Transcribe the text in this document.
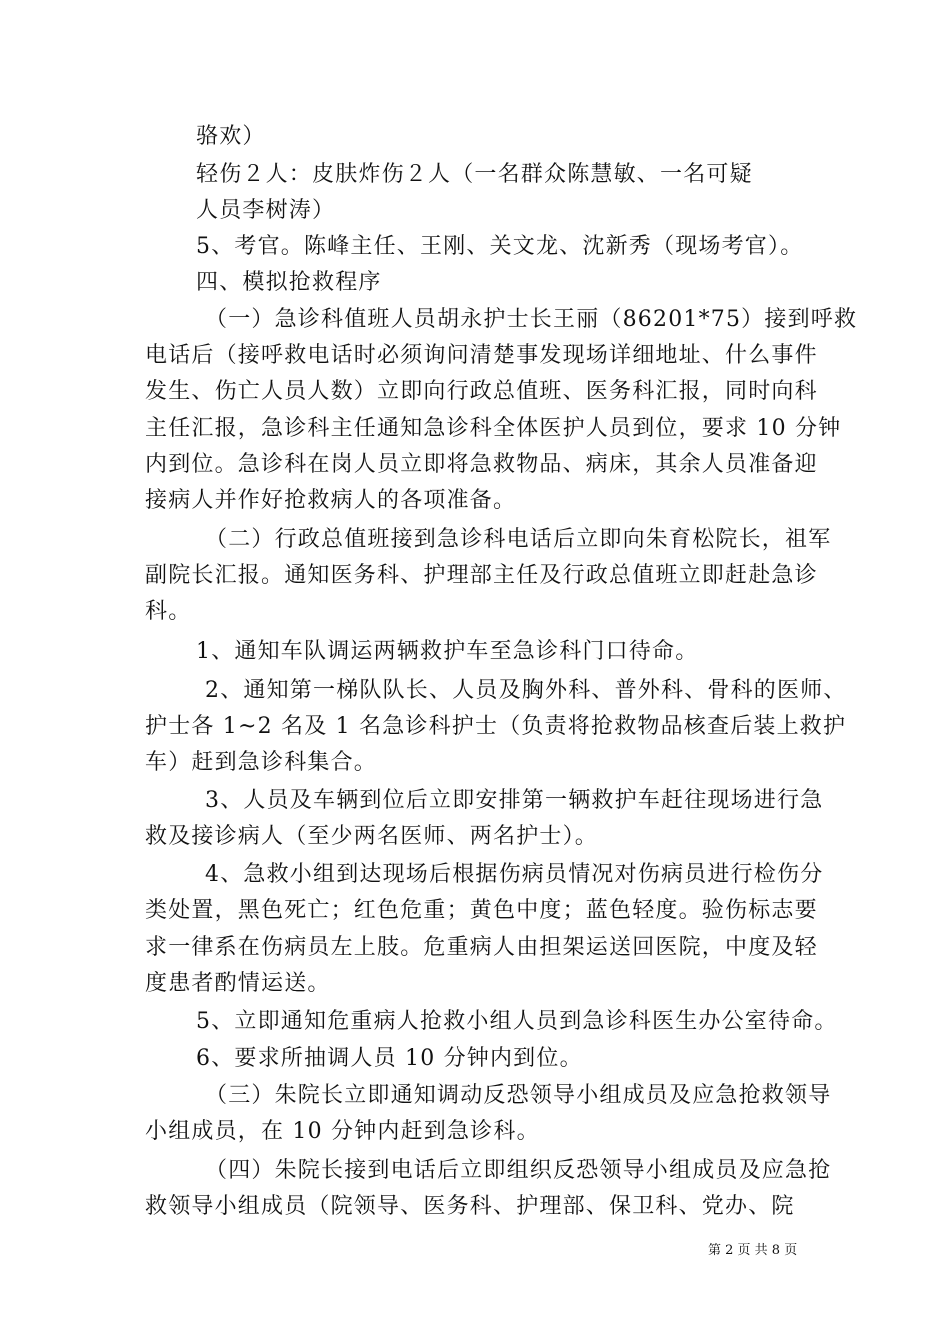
骆欢）
轻伤２人：皮肤炸伤２人（一名群众陈慧敏、一名可疑
人员李树涛）
5、考官。陈峰主任、王刚、关文龙、沈新秀（现场考官）。
四、模拟抢救程序
（一）急诊科值班人员胡永护士长王丽（86201*75）接到呼救
电话后（接呼救电话时必须询问清楚事发现场详细地址、什么事件
发生、伤亡人员人数）立即向行政总值班、医务科汇报，同时向科
主任汇报，急诊科主任通知急诊科全体医护人员到位，要求 10 分钟
内到位。急诊科在岗人员立即将急救物品、病床，其余人员准备迎
接病人并作好抢救病人的各项准备。
（二）行政总值班接到急诊科电话后立即向朱育松院长，祖军
副院长汇报。通知医务科、护理部主任及行政总值班立即赶赴急诊
科。
1、通知车队调运两辆救护车至急诊科门口待命。
2、通知第一梯队队长、人员及胸外科、普外科、骨科的医师、
护士各 1~2 名及 1 名急诊科护士（负责将抢救物品核查后装上救护
车）赶到急诊科集合。
3、人员及车辆到位后立即安排第一辆救护车赶往现场进行急
救及接诊病人（至少两名医师、两名护士）。
4、急救小组到达现场后根据伤病员情况对伤病员进行检伤分
类处置，黑色死亡；红色危重；黄色中度；蓝色轻度。验伤标志要
求一律系在伤病员左上肢。危重病人由担架运送回医院，中度及轻
度患者酌情运送。
5、立即通知危重病人抢救小组人员到急诊科医生办公室待命。
6、要求所抽调人员 10 分钟内到位。
（三）朱院长立即通知调动反恐领导小组成员及应急抢救领导
小组成员，在 10 分钟内赶到急诊科。
（四）朱院长接到电话后立即组织反恐领导小组成员及应急抢
救领导小组成员（院领导、医务科、护理部、保卫科、党办、院
第 2 页 共 8 页
